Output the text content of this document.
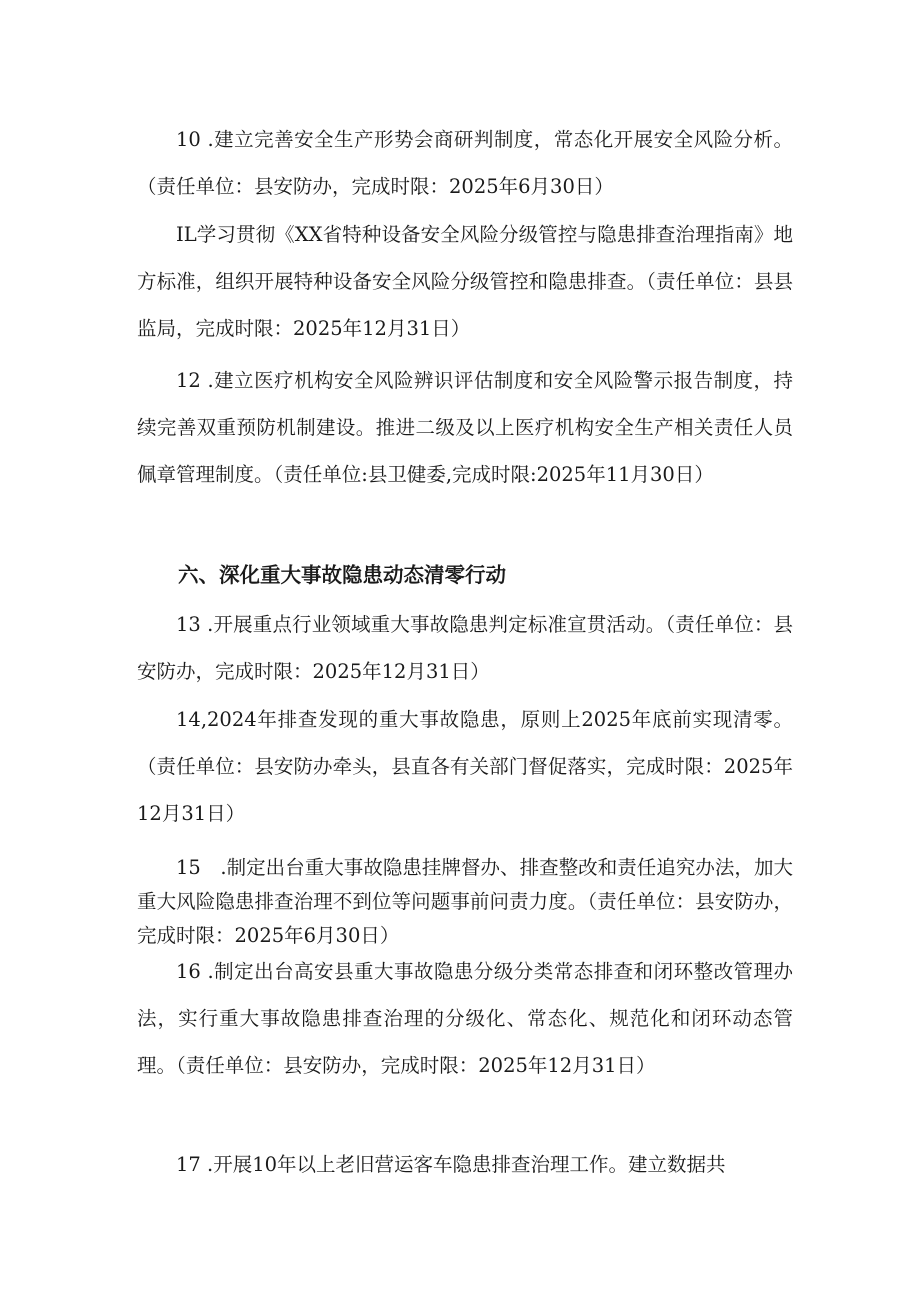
10 .建立完善安全生产形势会商研判制度，常态化开展安全风险分析。（责任单位：县安防办，完成时限：2025年6月30日）

IL学习贯彻《XX省特种设备安全风险分级管控与隐患排查治理指南》地方标准，组织开展特种设备安全风险分级管控和隐患排查。（责任单位：县县监局，完成时限：2025年12月31日）

12 .建立医疗机构安全风险辨识评估制度和安全风险警示报告制度，持续完善双重预防机制建设。推进二级及以上医疗机构安全生产相关责任人员佩章管理制度。（责任单位:县卫健委,完成时限:2025年11月30日）

六、深化重大事故隐患动态清零行动

13 .开展重点行业领域重大事故隐患判定标准宣贯活动。（责任单位：县安防办，完成时限：2025年12月31日）

14,2024年排查发现的重大事故隐患，原则上2025年底前实现清零。（责任单位：县安防办牵头，县直各有关部门督促落实，完成时限：2025年12月31日）

15　.制定出台重大事故隐患挂牌督办、排查整改和责任追究办法，加大重大风险隐患排查治理不到位等问题事前问责力度。（责任单位：县安防办，完成时限：2025年6月30日）

16 .制定出台高安县重大事故隐患分级分类常态排查和闭环整改管理办法，实行重大事故隐患排查治理的分级化、常态化、规范化和闭环动态管理。（责任单位：县安防办，完成时限：2025年12月31日）

17 .开展10年以上老旧营运客车隐患排查治理工作。建立数据共
